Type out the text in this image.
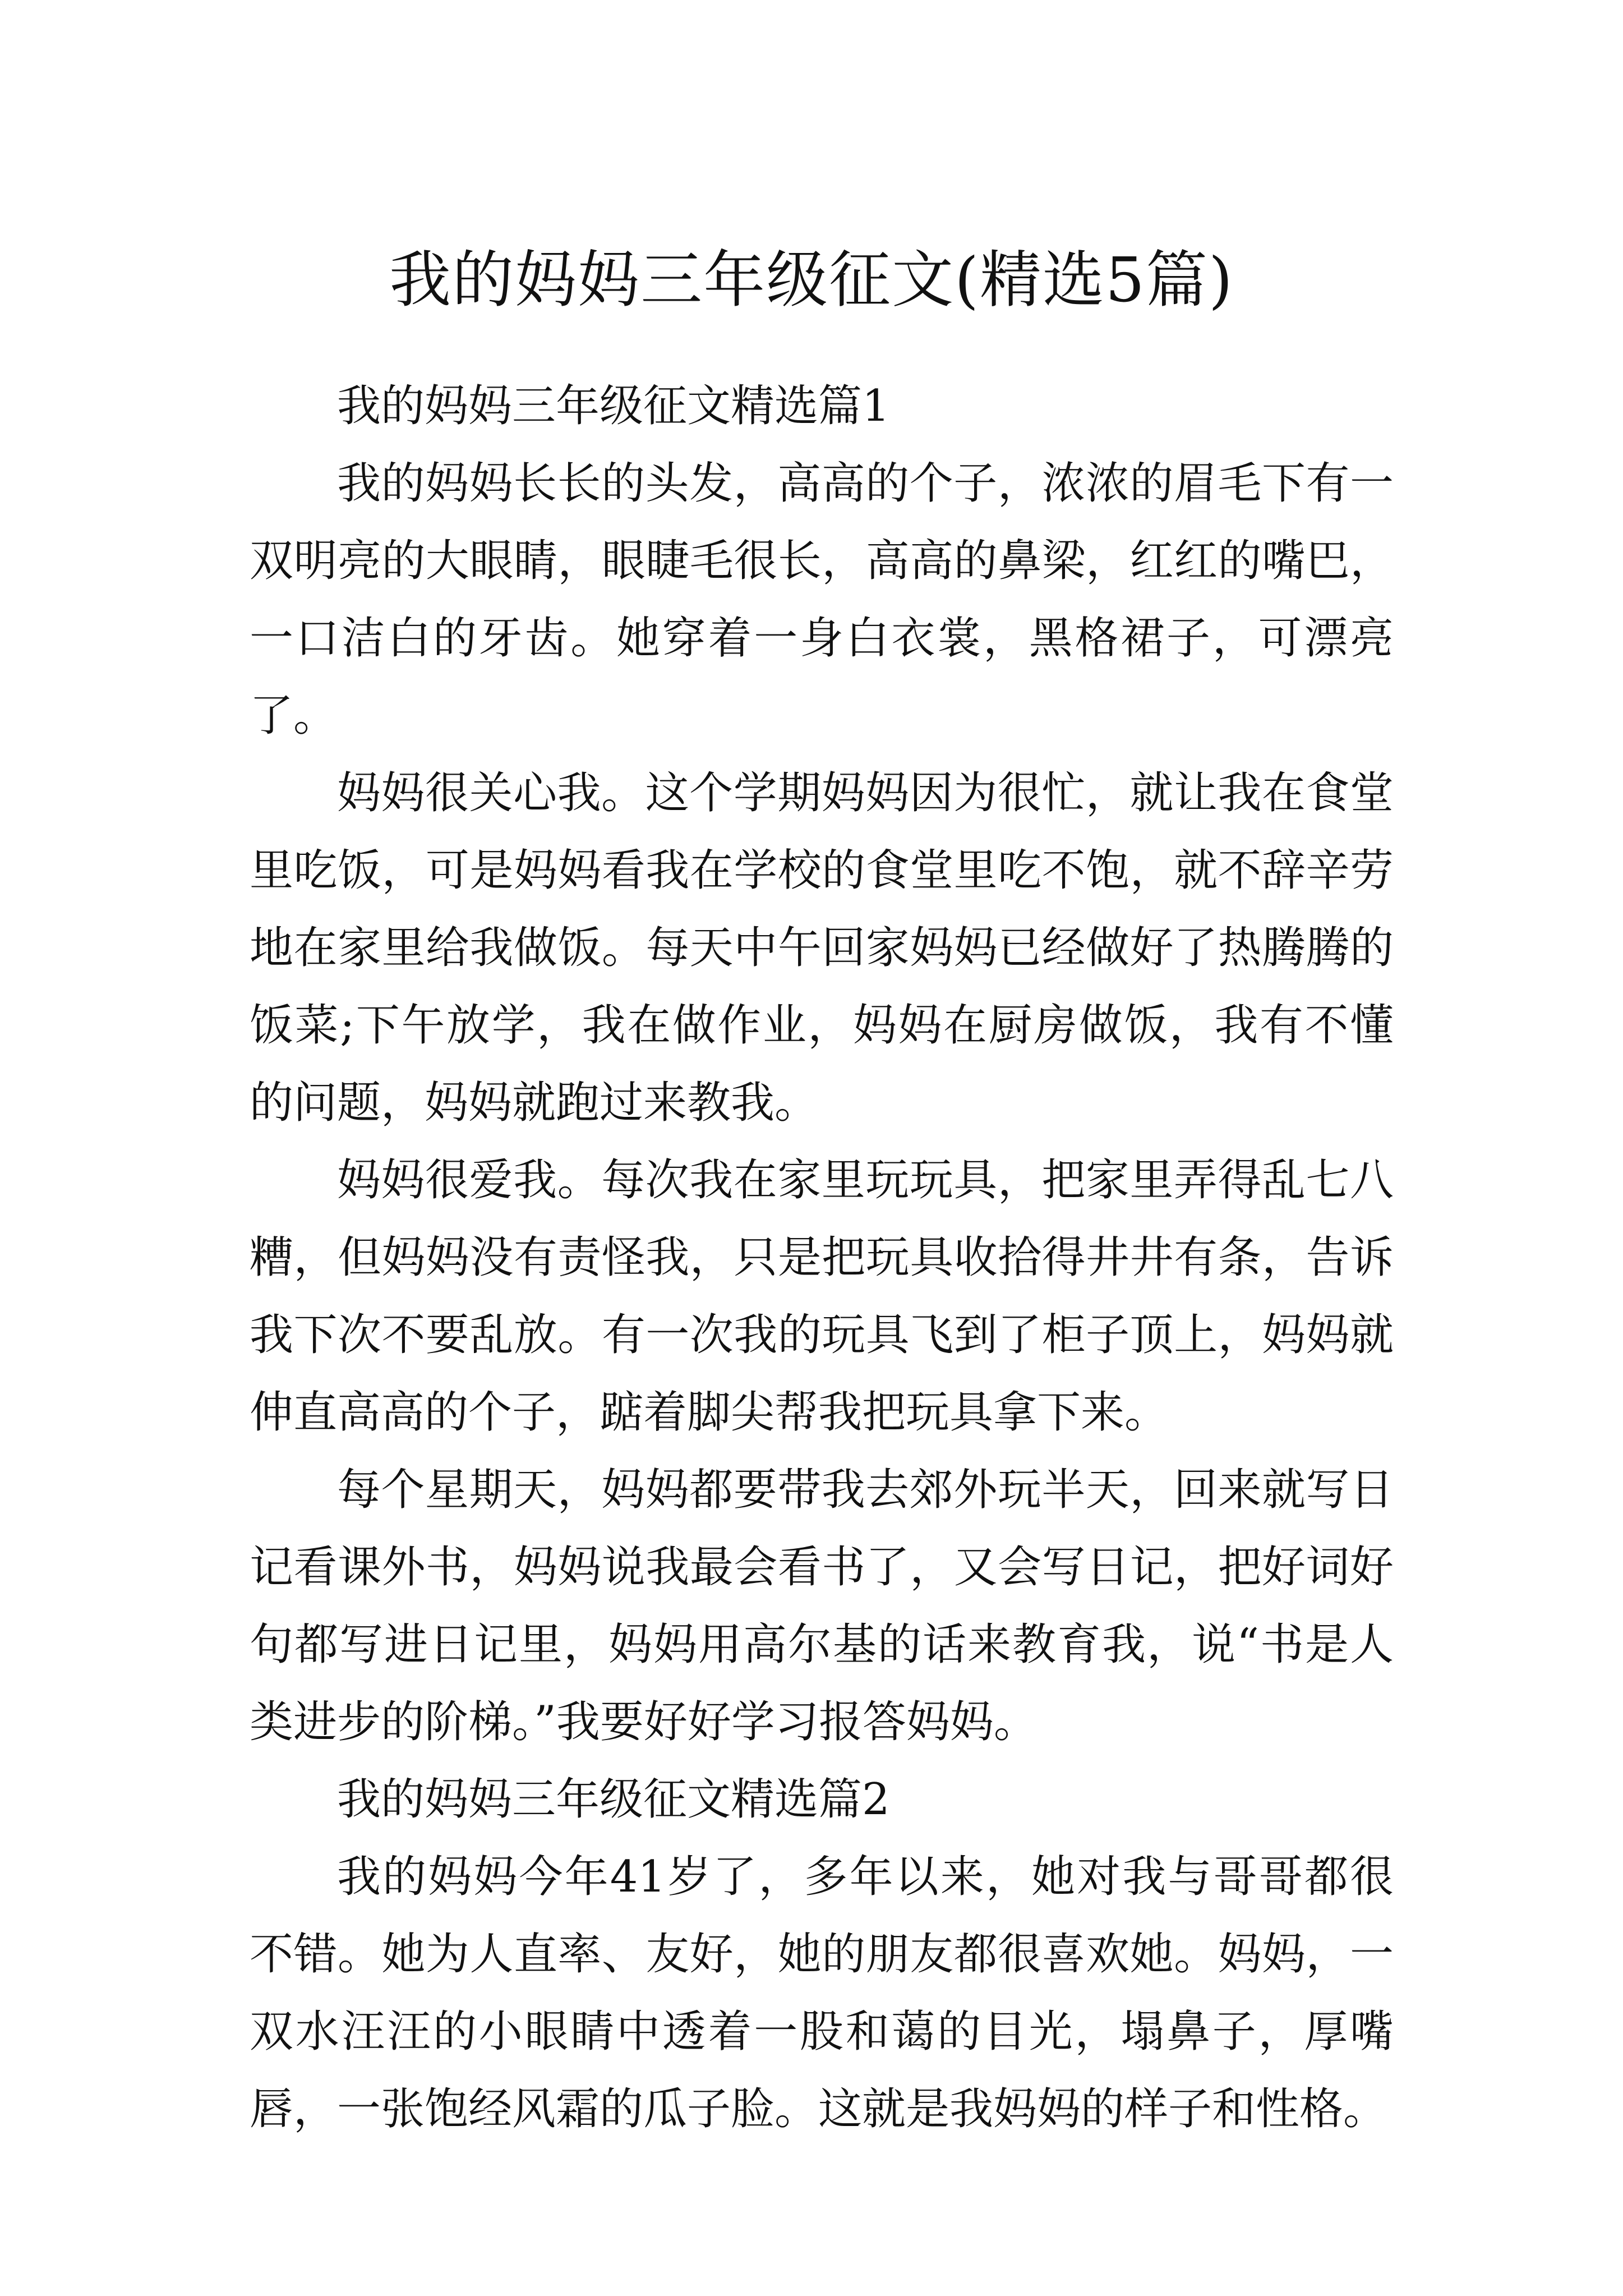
我的妈妈三年级征文(精选5篇)

我的妈妈三年级征文精选篇1

我的妈妈长长的头发，高高的个子，浓浓的眉毛下有一双明亮的大眼睛，眼睫毛很长，高高的鼻梁，红红的嘴巴，一口洁白的牙齿。她穿着一身白衣裳，黑格裙子，可漂亮了。

妈妈很关心我。这个学期妈妈因为很忙，就让我在食堂里吃饭，可是妈妈看我在学校的食堂里吃不饱，就不辞辛劳地在家里给我做饭。每天中午回家妈妈已经做好了热腾腾的饭菜;下午放学，我在做作业，妈妈在厨房做饭，我有不懂的问题，妈妈就跑过来教我。

妈妈很爱我。每次我在家里玩玩具，把家里弄得乱七八糟，但妈妈没有责怪我，只是把玩具收拾得井井有条，告诉我下次不要乱放。有一次我的玩具飞到了柜子顶上，妈妈就伸直高高的个子，踮着脚尖帮我把玩具拿下来。

每个星期天，妈妈都要带我去郊外玩半天，回来就写日记看课外书，妈妈说我最会看书了，又会写日记，把好词好句都写进日记里，妈妈用高尔基的话来教育我，说“书是人类进步的阶梯。”我要好好学习报答妈妈。

我的妈妈三年级征文精选篇2

我的妈妈今年41岁了，多年以来，她对我与哥哥都很不错。她为人直率、友好，她的朋友都很喜欢她。妈妈，一双水汪汪的小眼睛中透着一股和蔼的目光，塌鼻子，厚嘴唇，一张饱经风霜的瓜子脸。这就是我妈妈的样子和性格。
